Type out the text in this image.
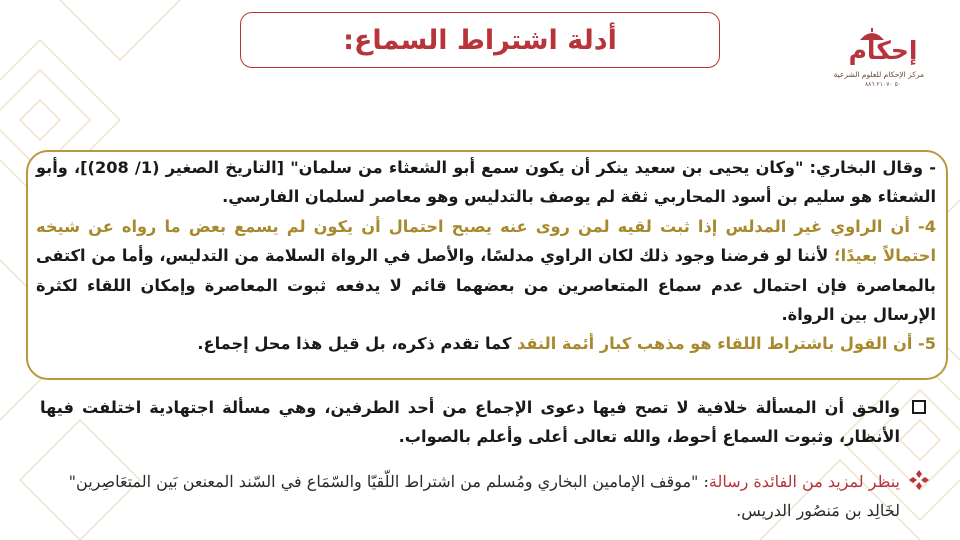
أدلة اشتراط السماع:	إحكام
مركز الإحكام للعلوم الشرعية
٥٠ ٢١٠٧٠ ٨٨٦

- وقال البخاري: "وكان يحيى بن سعيد ينكر أن يكون سمع أبو الشعثاء من سلمان" [التاريخ الصغير (1/ 208)]، وأبو الشعثاء هو سليم بن أسود المحاربي ثقة لم يوصف بالتدليس وهو معاصر لسلمان الفارسي.

4- أن الراوي غير المدلس إذا ثبت لقيه لمن روى عنه يصبح احتمال أن يكون لم يسمع بعض ما رواه عن شيخه احتمالاً بعيدًا؛ لأننا لو فرضنا وجود ذلك لكان الراوي مدلسًا، والأصل في الرواة السلامة من التدليس، وأما من اكتفى بالمعاصرة فإن احتمال عدم سماع المتعاصرين من بعضهما قائم لا يدفعه ثبوت المعاصرة وإمكان اللقاء لكثرة الإرسال بين الرواة.

5- أن القول باشتراط اللقاء هو مذهب كبار أئمة النقد كما تقدم ذكره، بل قيل هذا محل إجماع.

والحق أن المسألة خلافية لا تصح فيها دعوى الإجماع من أحد الطرفين، وهي مسألة اجتهادية اختلفت فيها الأنظار، وثبوت السماع أحوط، والله تعالى أعلى وأعلم بالصواب.
ينظر لمزيد من الفائدة رسالة: "موقف الإمامين البخاري ومُسلم من اشتراط اللّقيّا والسّمَاع في السّند المعنعن بَين المتعَاصِرين" لخَالِد بن مَنصُور الدريس.
